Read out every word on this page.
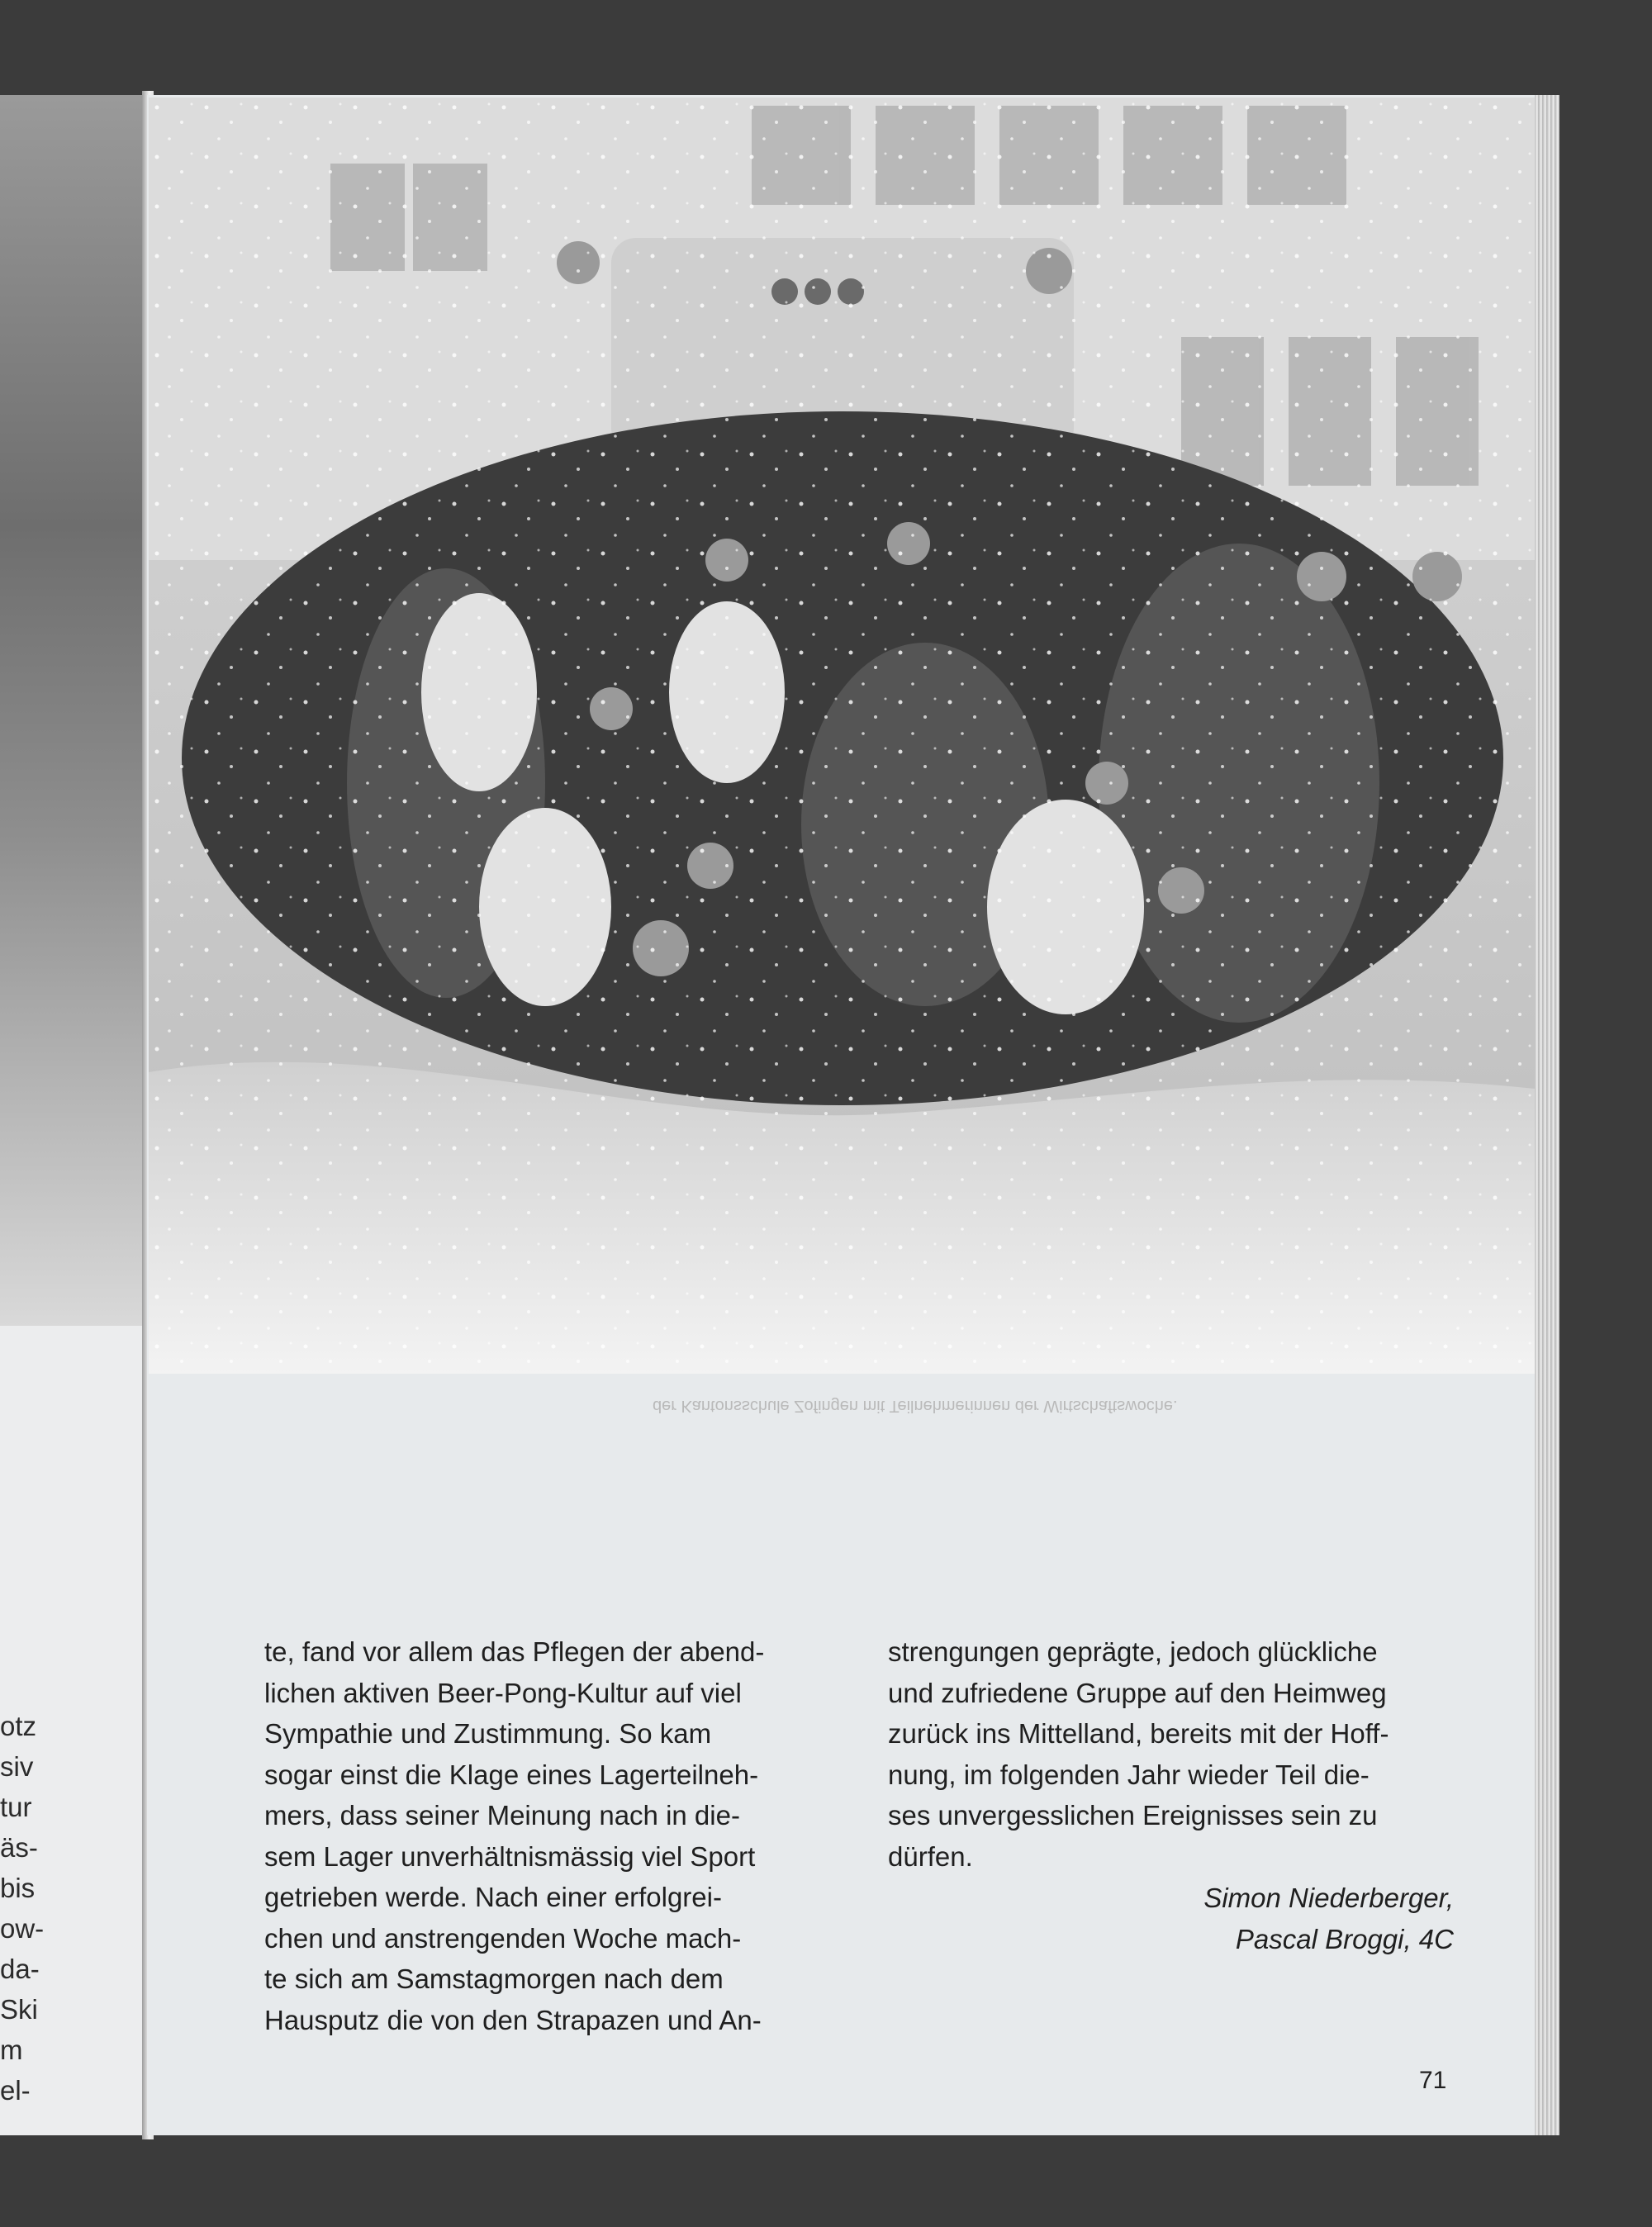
otz
siv
tur
äs-
bis
ow-
da-
Ski
m
el-
der Kantonsschule Zofingen mit Teilnehmerinnen der Wirtschaftswoche.
te, fand vor allem das Pflegen der abend-
lichen aktiven Beer-Pong-Kultur auf viel
Sympathie und Zustimmung. So kam
sogar einst die Klage eines Lagerteilneh-
mers, dass seiner Meinung nach in die-
sem Lager unverhältnismässig viel Sport
getrieben werde. Nach einer erfolgrei-
chen und anstrengenden Woche mach-
te sich am Samstagmorgen nach dem
Hausputz die von den Strapazen und An-
strengungen geprägte, jedoch glückliche
und zufriedene Gruppe auf den Heimweg
zurück ins Mittelland, bereits mit der Hoff-
nung, im folgenden Jahr wieder Teil die-
ses unvergesslichen Ereignisses sein zu
dürfen.
Simon Niederberger,
Pascal Broggi, 4C
71
